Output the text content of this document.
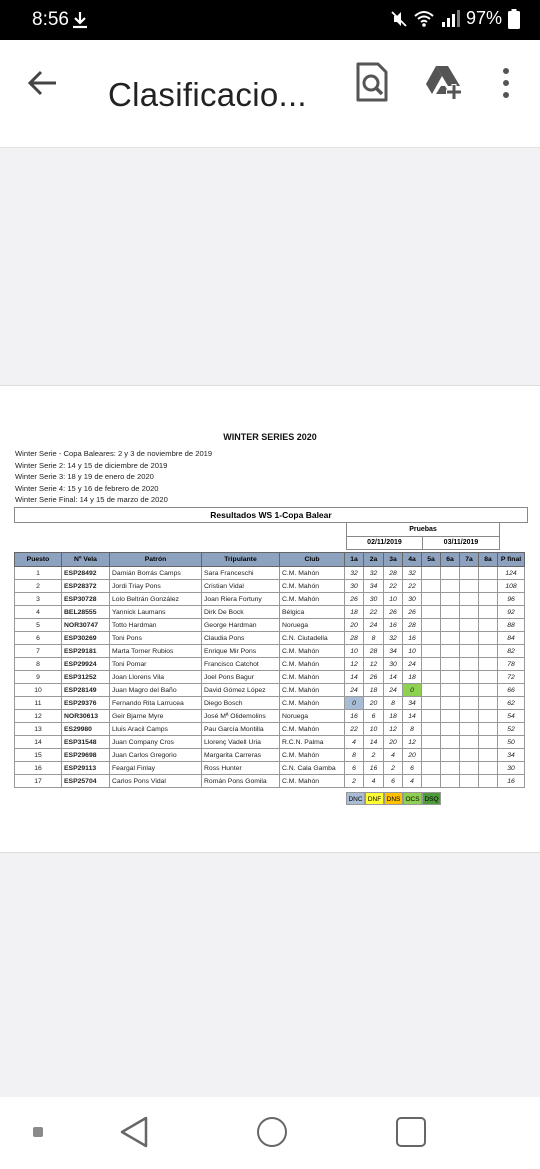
8:56	97%
Clasificacio...
WINTER SERIES 2020
Winter Serie - Copa Baleares: 2 y 3 de noviembre de 2019
Winter Serie 2: 14 y 15 de diciembre de 2019
Winter Serie 3: 18 y 19 de enero de 2020
Winter Serie 4: 15 y 16 de febrero de 2020
Winter Serie Final: 14 y 15 de marzo de 2020
Resultados WS 1-Copa Balear
Pruebas
02/11/2019	03/11/2019
Puesto	Nº Vela	Patrón	Tripulante	Club	1a	2a	3a	4a	5a	6a	7a	8a	P final
1	ESP28492	Damián Borrás Camps	Sara Franceschi	C.M. Mahón	32	32	28	32					124
2	ESP28372	Jordi Triay Pons	Cristian Vidal	C.M. Mahón	30	34	22	22					108
3	ESP30728	Lolo Beltrán González	Joan Riera Fortuny	C.M. Mahón	26	30	10	30					96
4	BEL28555	Yannick Laumans	Dirk De Bock	Bélgica	18	22	26	26					92
5	NOR30747	Totto Hardman	George Hardman	Noruega	20	24	16	28					88
6	ESP30269	Toni Pons	Claudia Pons	C.N. Ciutadella	28	8	32	16					84
7	ESP29181	Marta Torner Rubios	Enrique Mir Pons	C.M. Mahón	10	28	34	10					82
8	ESP29924	Toni Pomar	Francisco Catchot	C.M. Mahón	12	12	30	24					78
9	ESP31252	Joan Llorens Vila	Joel Pons Bagur	C.M. Mahón	14	26	14	18					72
10	ESP28149	Juan Magro del Baño	David Gómez López	C.M. Mahón	24	18	24	0					66
11	ESP29376	Fernando Rita Larrucea	Diego Bosch	C.M. Mahón	0	20	8	34					62
12	NOR30613	Geir Bjarne Myre	José Mª Olidemolins	Noruega	16	6	18	14					54
13	ES29980	Lluis Aracil Camps	Pau García Montilla	C.M. Mahón	22	10	12	8					52
14	ESP31548	Juan Company Cros	Llorenç Vadell Uria	R.C.N. Palma	4	14	20	12					50
15	ESP29698	Juan Carlos Gregorio	Margarita Carreras	C.M. Mahón	8	2	4	20					34
16	ESP29113	Feargal Finlay	Ross Hunter	C.N. Cala Gamba	6	16	2	6					30
17	ESP25704	Carlos Pons Vidal	Román Pons Gomila	C.M. Mahón	2	4	6	4					16
DNC DNF DNS OCS DSQ
